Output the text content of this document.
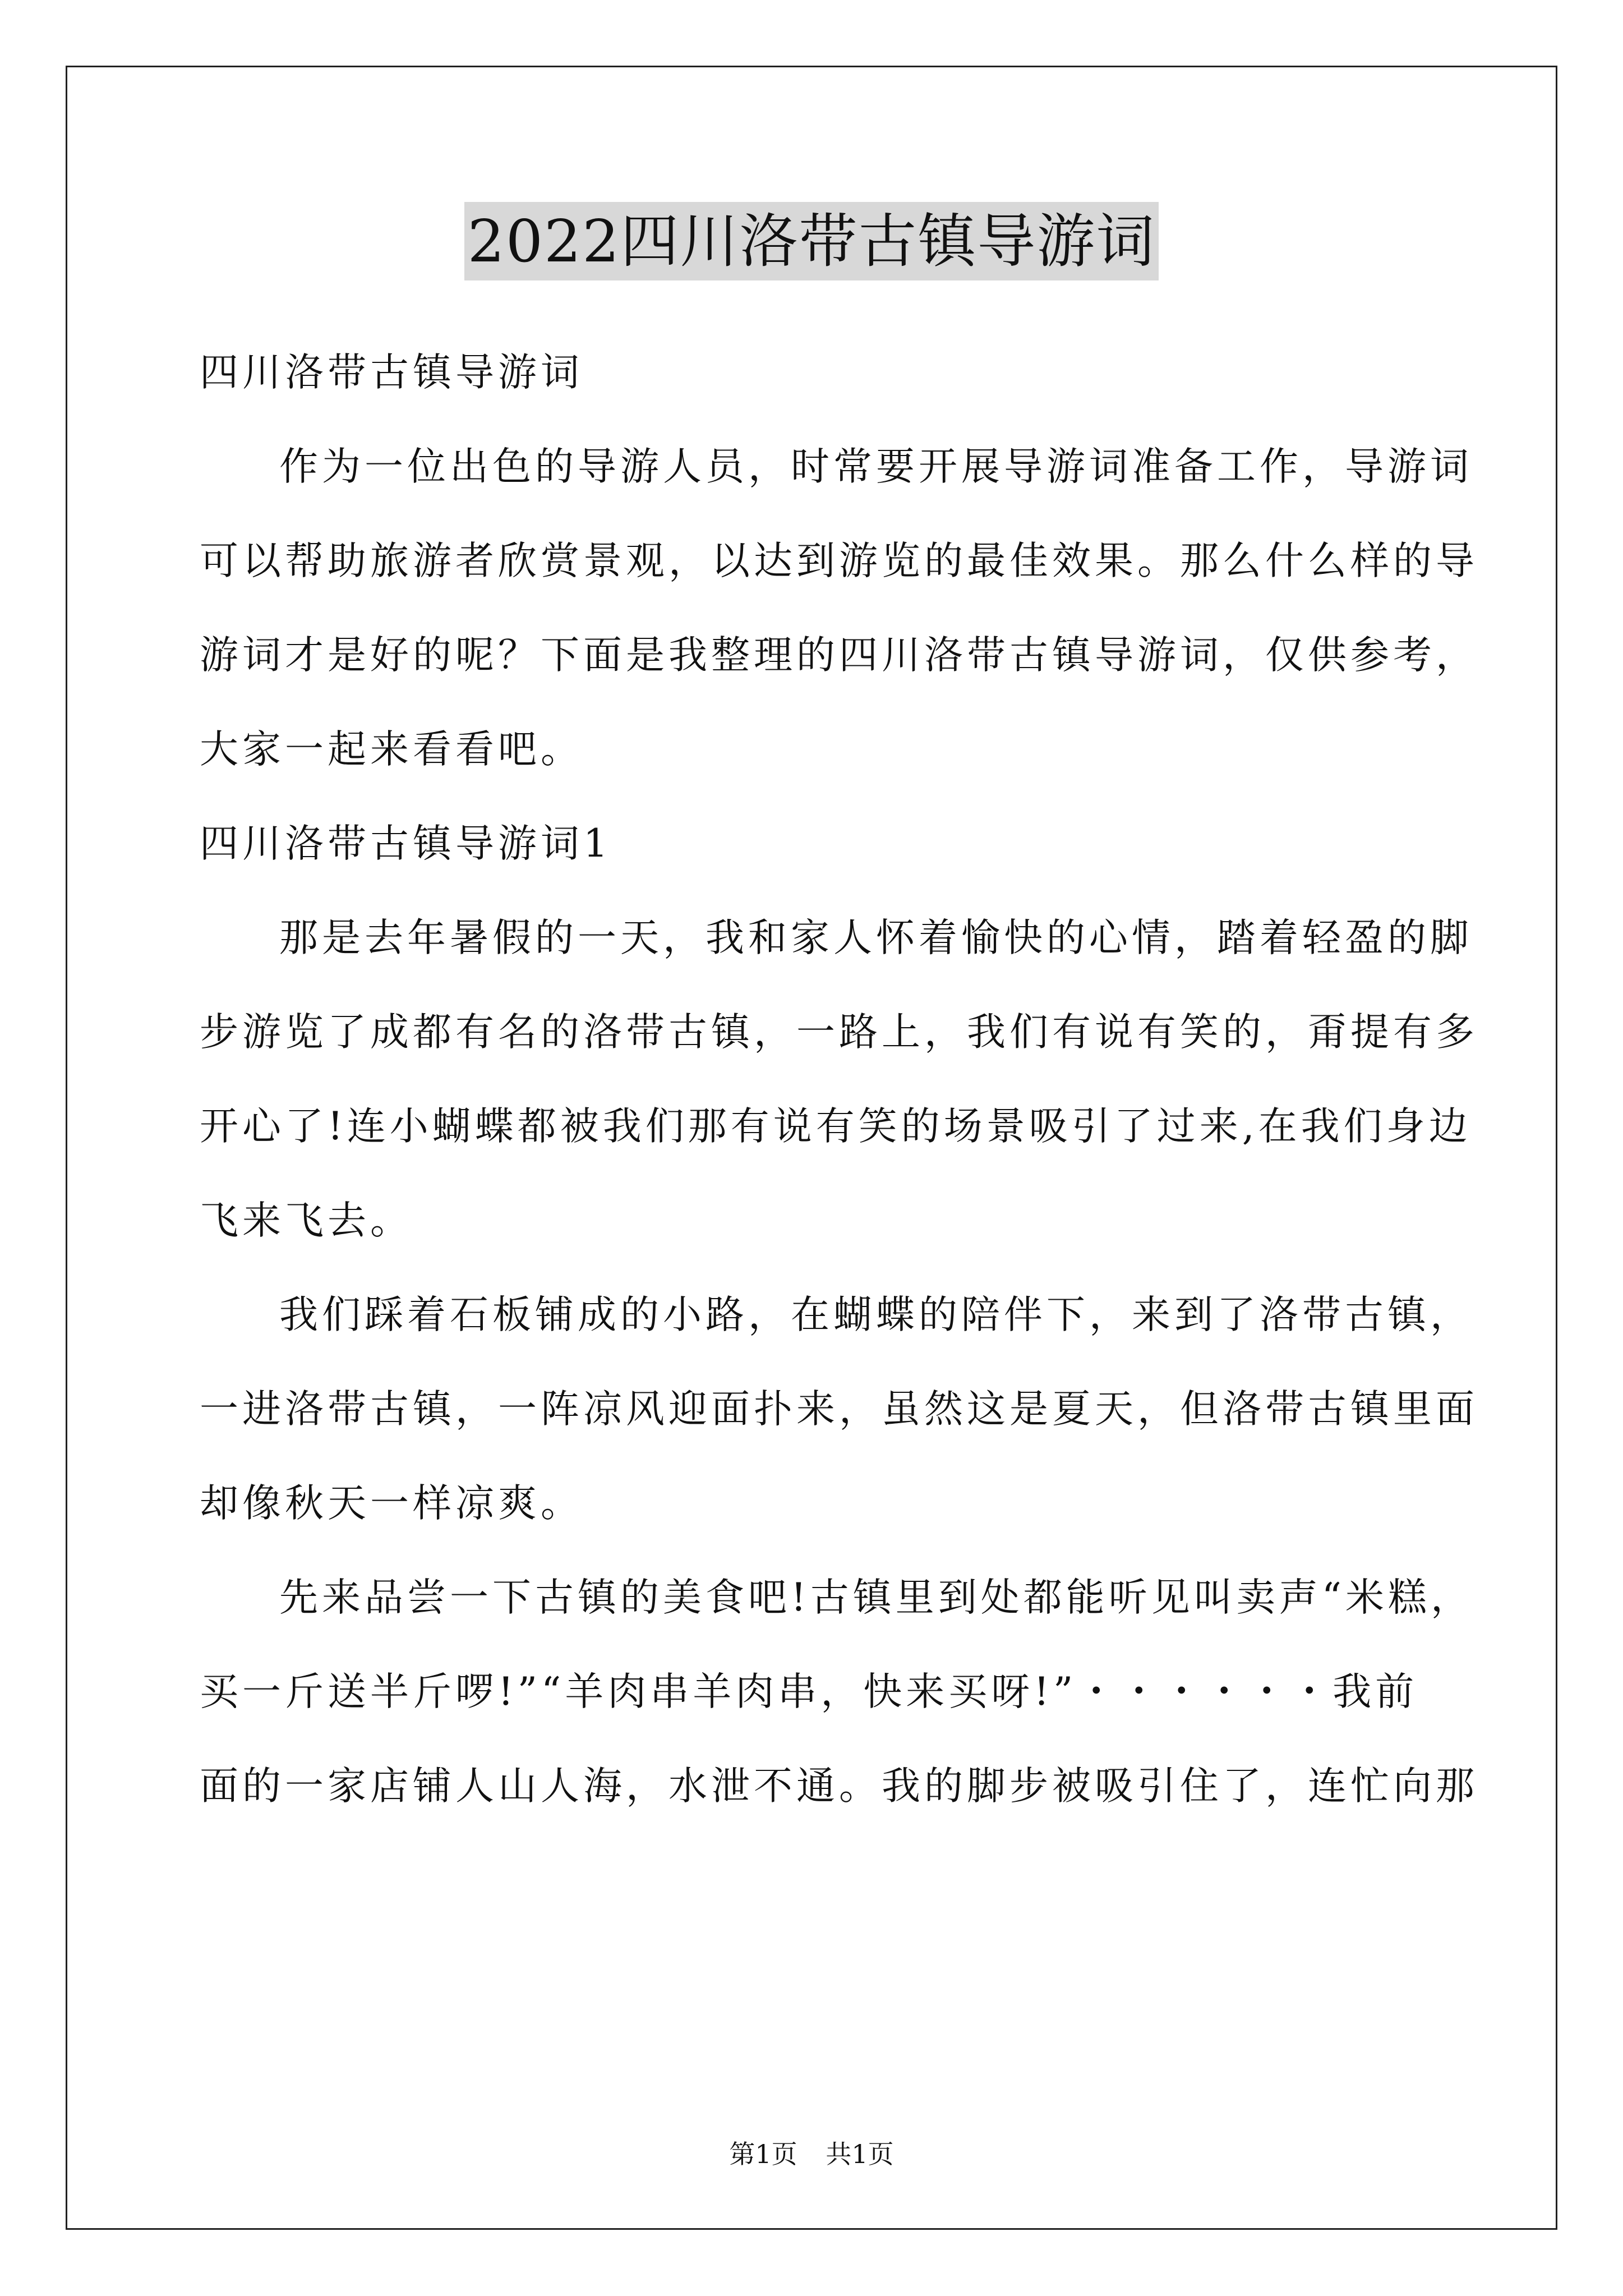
2022四川洛带古镇导游词
四川洛带古镇导游词
作为一位出色的导游人员，时常要开展导游词准备工作，导游词
可以帮助旅游者欣赏景观，以达到游览的最佳效果。那么什么样的导
游词才是好的呢？下面是我整理的四川洛带古镇导游词，仅供参考，
大家一起来看看吧。
四川洛带古镇导游词1
那是去年暑假的一天，我和家人怀着愉快的心情，踏着轻盈的脚
步游览了成都有名的洛带古镇，一路上，我们有说有笑的，甭提有多
开心了!连小蝴蝶都被我们那有说有笑的场景吸引了过来,在我们身边
飞来飞去。
我们踩着石板铺成的小路，在蝴蝶的陪伴下，来到了洛带古镇，
一进洛带古镇，一阵凉风迎面扑来，虽然这是夏天，但洛带古镇里面
却像秋天一样凉爽。
先来品尝一下古镇的美食吧!古镇里到处都能听见叫卖声“米糕，
买一斤送半斤啰!”“羊肉串羊肉串，快来买呀!”・・・・・・我前
面的一家店铺人山人海，水泄不通。我的脚步被吸引住了，连忙向那
第1页 共1页
